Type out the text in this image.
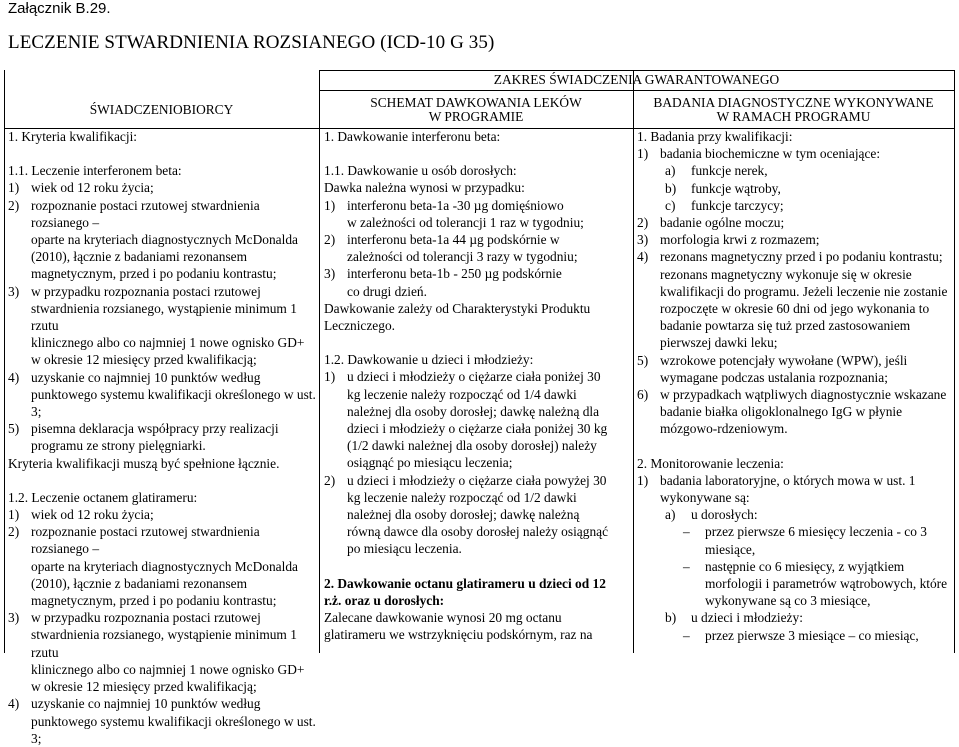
Załącznik B.29.
LECZENIE STWARDNIENIA ROZSIANEGO (ICD-10 G 35)
ZAKRES ŚWIADCZENIA GWARANTOWANEGO
ŚWIADCZENIOBIORCY	SCHEMAT DAWKOWANIA LEKÓW
W PROGRAMIE
BADANIA DIAGNOSTYCZNE WYKONYWANE
W RAMACH PROGRAMU
1. Kryteria kwalifikacji:
1.1. Leczenie interferonem beta:
1) wiek od 12 roku życia;
2) rozpoznanie postaci rzutowej stwardnienia rozsianego –
oparte na kryteriach diagnostycznych McDonalda
(2010), łącznie z badaniami rezonansem
magnetycznym, przed i po podaniu kontrastu;
3) w przypadku rozpoznania postaci rzutowej
stwardnienia rozsianego, wystąpienie minimum 1 rzutu
klinicznego albo co najmniej 1 nowe ognisko GD+
w okresie 12 miesięcy przed kwalifikacją;
4) uzyskanie co najmniej 10 punktów według
punktowego systemu kwalifikacji określonego w ust. 3;
5) pisemna deklaracja współpracy przy realizacji
programu ze strony pielęgniarki.
Kryteria kwalifikacji muszą być spełnione łącznie.
1.2. Leczenie octanem glatirameru:
1) wiek od 12 roku życia;
2) rozpoznanie postaci rzutowej stwardnienia rozsianego –
oparte na kryteriach diagnostycznych McDonalda
(2010), łącznie z badaniami rezonansem
magnetycznym, przed i po podaniu kontrastu;
3) w przypadku rozpoznania postaci rzutowej
stwardnienia rozsianego, wystąpienie minimum 1 rzutu
klinicznego albo co najmniej 1 nowe ognisko GD+
w okresie 12 miesięcy przed kwalifikacją;
4) uzyskanie co najmniej 10 punktów według
punktowego systemu kwalifikacji określonego w ust. 3;
1. Dawkowanie interferonu beta:
1.1. Dawkowanie u osób dorosłych:
Dawka należna wynosi w przypadku:
1) interferonu beta-1a -30 µg domięśniowo
w zależności od tolerancji 1 raz w tygodniu;
2) interferonu beta-1a 44 µg podskórnie w
zależności od tolerancji 3 razy w tygodniu;
3) interferonu beta-1b - 250 µg podskórnie
co drugi dzień.
Dawkowanie zależy od Charakterystyki Produktu
Leczniczego.
1.2. Dawkowanie u dzieci i młodzieży:
1) u dzieci i młodzieży o ciężarze ciała poniżej 30
kg leczenie należy rozpocząć od 1/4 dawki
należnej dla osoby dorosłej; dawkę należną dla
dzieci i młodzieży o ciężarze ciała poniżej 30 kg
(1/2 dawki należnej dla osoby dorosłej) należy
osiągnąć po miesiącu leczenia;
2) u dzieci i młodzieży o ciężarze ciała powyżej 30
kg leczenie należy rozpocząć od 1/2 dawki
należnej dla osoby dorosłej; dawkę należną
równą dawce dla osoby dorosłej należy osiągnąć
po miesiącu leczenia.
2. Dawkowanie octanu glatirameru u dzieci od 12
r.ż. oraz u dorosłych:
Zalecane dawkowanie wynosi 20 mg octanu
glatirameru we wstrzyknięciu podskórnym, raz na
1. Badania przy kwalifikacji:
1) badania biochemiczne w tym oceniające:
a) funkcje nerek,
b) funkcje wątroby,
c) funkcje tarczycy;
2) badanie ogólne moczu;
3) morfologia krwi z rozmazem;
4) rezonans magnetyczny przed i po podaniu kontrastu;
rezonans magnetyczny wykonuje się w okresie
kwalifikacji do programu. Jeżeli leczenie nie zostanie
rozpoczęte w okresie 60 dni od jego wykonania to
badanie powtarza się tuż przed zastosowaniem
pierwszej dawki leku;
5) wzrokowe potencjały wywołane (WPW), jeśli
wymagane podczas ustalania rozpoznania;
6) w przypadkach wątpliwych diagnostycznie wskazane
badanie białka oligoklonalnego IgG w płynie
mózgowo-rdzeniowym.
2. Monitorowanie leczenia:
1) badania laboratoryjne, o których mowa w ust. 1
wykonywane są:
a) u dorosłych:
– przez pierwsze 6 miesięcy leczenia - co 3
miesiące,
– następnie co 6 miesięcy, z wyjątkiem
morfologii i parametrów wątrobowych, które
wykonywane są co 3 miesiące,
b) u dzieci i młodzieży:
– przez pierwsze 3 miesiące – co miesiąc,
